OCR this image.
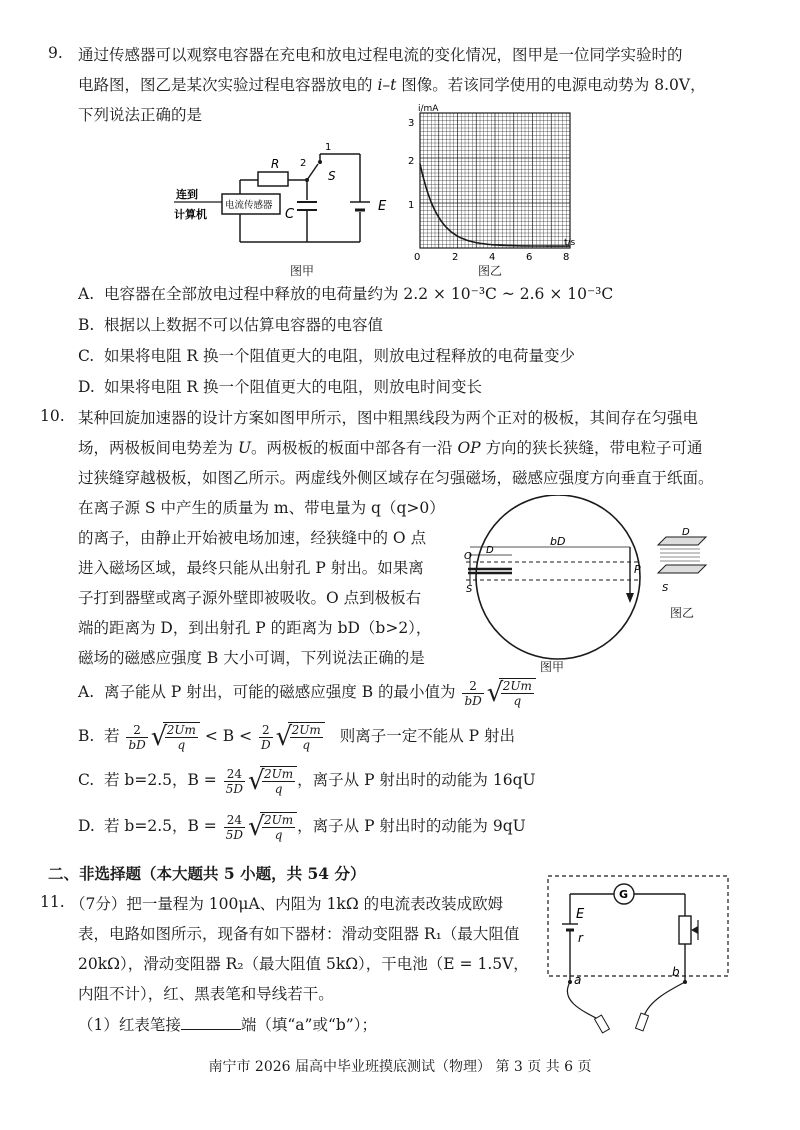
9. 通过传感器可以观察电容器在充电和放电过程电流的变化情况，图甲是一位同学实验时的
电路图，图乙是某次实验过程电容器放电的 i–t 图像。若该同学使用的电源电动势为 8.0V，
下列说法正确的是
R 2
1
S
C
E
连到
计算机
电流传感器
图甲
i/mA
t/s
3
2
1
0	2	4	6	8
图乙
A. 电容器在全部放电过程中释放的电荷量约为 2.2 × 10⁻³C ~ 2.6 × 10⁻³C
B. 根据以上数据不可以估算电容器的电容值
C. 如果将电阻 R 换一个阻值更大的电阻，则放电过程释放的电荷量变少
D. 如果将电阻 R 换一个阻值更大的电阻，则放电时间变长
10. 某种回旋加速器的设计方案如图甲所示，图中粗黑线段为两个正对的极板，其间存在匀强电
场，两极板间电势差为 U。两极板的板面中部各有一沿 OP 方向的狭长狭缝，带电粒子可通
过狭缝穿越极板，如图乙所示。两虚线外侧区域存在匀强磁场，磁感应强度方向垂直于纸面。
在离子源 S 中产生的质量为 m、带电量为 q（q>0）
的离子，由静止开始被电场加速，经狭缝中的 O 点
进入磁场区域，最终只能从出射孔 P 射出。如果离
子打到器壁或离子源外壁即被吸收。O 点到极板右
端的距离为 D，到出射孔 P 的距离为 bD（b>2），
磁场的磁感应强度 B 大小可调，下列说法正确的是
O
S
D
bD
P
图甲
D
S
图乙
A. 离子能从 P 射出，可能的磁感应强度 B 的最小值为 $\frac{2}{bD}$ √
$\frac{2Um}{q}$
B. 若 $\frac{2}{bD}$ √
$\frac{2Um}{q} < B < \frac{2}{D}$ √
$\frac{2Um}{q}$ 则离子一定不能从 P 射出
C. 若 b=2.5，$B = \frac{24}{5D}$ √
$\frac{2Um}{q}$ ，离子从 P 射出时的动能为 16qU
D. 若 b=2.5，$B = \frac{24}{5D}$ √
$\frac{2Um}{q}$ ，离子从 P 射出时的动能为 9qU
二、非选择题（本大题共 5 小题，共 54 分）
11. （7分）把一量程为 100μA、内阻为 1kΩ 的电流表改装成欧姆
表，电路如图所示，现备有如下器材：滑动变阻器 R₁（最大阻值
20kΩ），滑动变阻器 R₂（最大阻值 5kΩ），干电池（E = 1.5V，
内阻不计），红、黑表笔和导线若干。
（1）红表笔接	端（填“a”或“b”）；
G
E
r
a
b
南宁市 2026 届高中毕业班摸底测试（物理） 第 3 页 共 6 页
